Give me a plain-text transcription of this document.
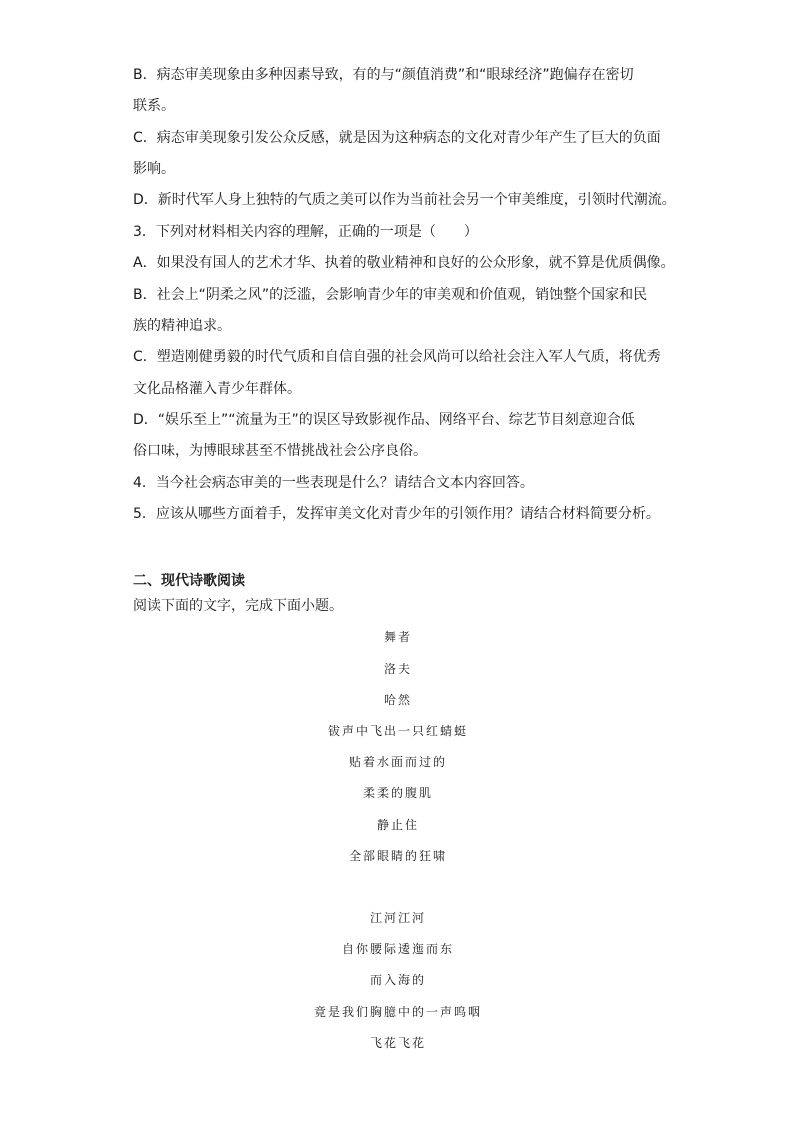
B．病态审美现象由多种因素导致，有的与“颜值消费”和“眼球经济”跑偏存在密切
联系。
C．病态审美现象引发公众反感，就是因为这种病态的文化对青少年产生了巨大的负面
影响。
D．新时代军人身上独特的气质之美可以作为当前社会另一个审美维度，引领时代潮流。
3．下列对材料相关内容的理解，正确的一项是（　　）
A．如果没有国人的艺术才华、执着的敬业精神和良好的公众形象，就不算是优质偶像。
B．社会上“阴柔之风”的泛滥，会影响青少年的审美观和价值观，销蚀整个国家和民
族的精神追求。
C．塑造刚健勇毅的时代气质和自信自强的社会风尚可以给社会注入军人气质，将优秀
文化品格灌入青少年群体。
D．“娱乐至上”“流量为王”的误区导致影视作品、网络平台、综艺节目刻意迎合低
俗口味，为博眼球甚至不惜挑战社会公序良俗。
4．当今社会病态审美的一些表现是什么？请结合文本内容回答。
5．应该从哪些方面着手，发挥审美文化对青少年的引领作用？请结合材料简要分析。
二、现代诗歌阅读
阅读下面的文字，完成下面小题。
舞者
洛夫
哈然
钹声中飞出一只红蜻蜓
贴着水面而过的
柔柔的腹肌
静止住
全部眼睛的狂啸
江河江河
自你腰际逶迤而东
而入海的
竟是我们胸臆中的一声呜咽
飞花飞花
